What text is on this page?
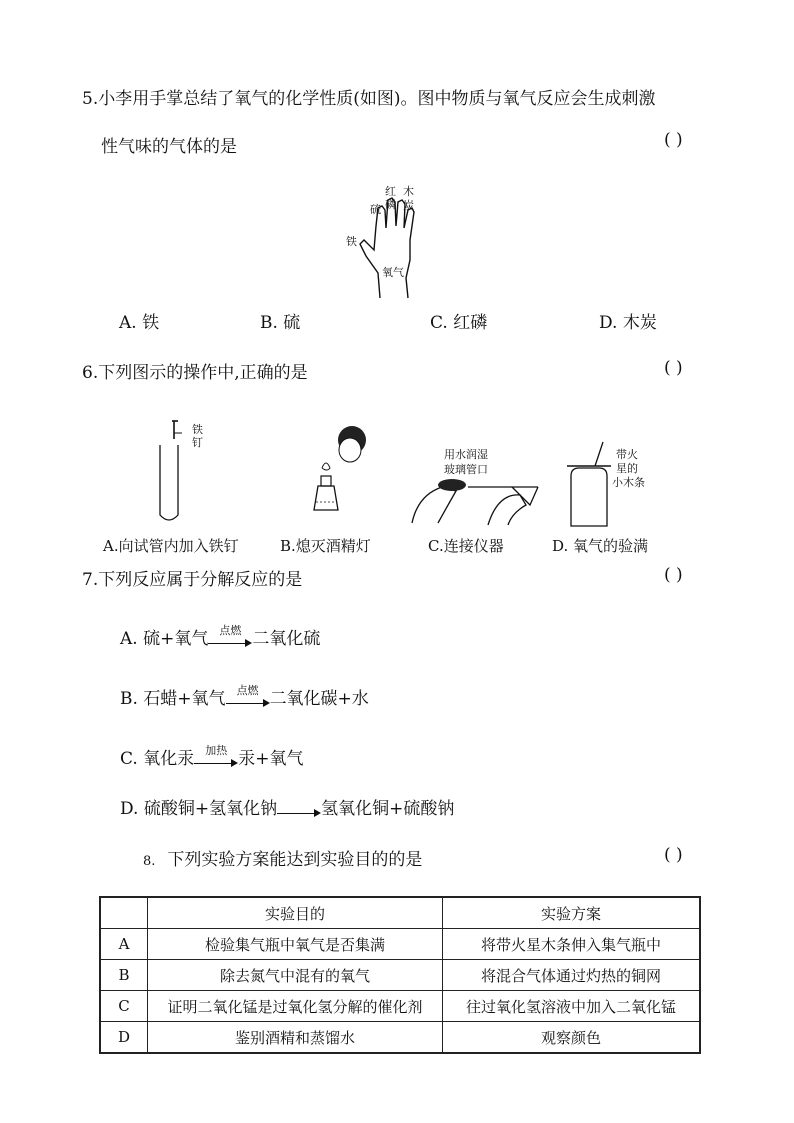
5.小李用手掌总结了氧气的化学性质(如图)。图中物质与氧气反应会生成刺激
性气味的气体的是	( )
红
磷
木
炭
硫
铁
氧气
A. 铁	B. 硫	C. 红磷	D. 木炭
6.下列图示的操作中,正确的是	( )
铁
钉
用水润湿
玻璃管口
带火
星的
小木条
A.向试管内加入铁钉	B.熄灭酒精灯	C.连接仪器	D. 氧气的验满
7.下列反应属于分解反应的是	( )
A. 硫+氧气	点燃 二氧化硫
B. 石蜡+氧气	点燃 二氧化碳+水
C. 氧化汞	加热 汞+氧气
D. 硫酸铜+氢氧化钠	氢氧化铜+硫酸钠
8. 下列实验方案能达到实验目的的是	( )
	实验目的	实验方案
A	检验集气瓶中氧气是否集满	将带火星木条伸入集气瓶中
B	除去氮气中混有的氧气	将混合气体通过灼热的铜网
C	证明二氧化锰是过氧化氢分解的催化剂	往过氧化氢溶液中加入二氧化锰
D	鉴别酒精和蒸馏水	观察颜色
